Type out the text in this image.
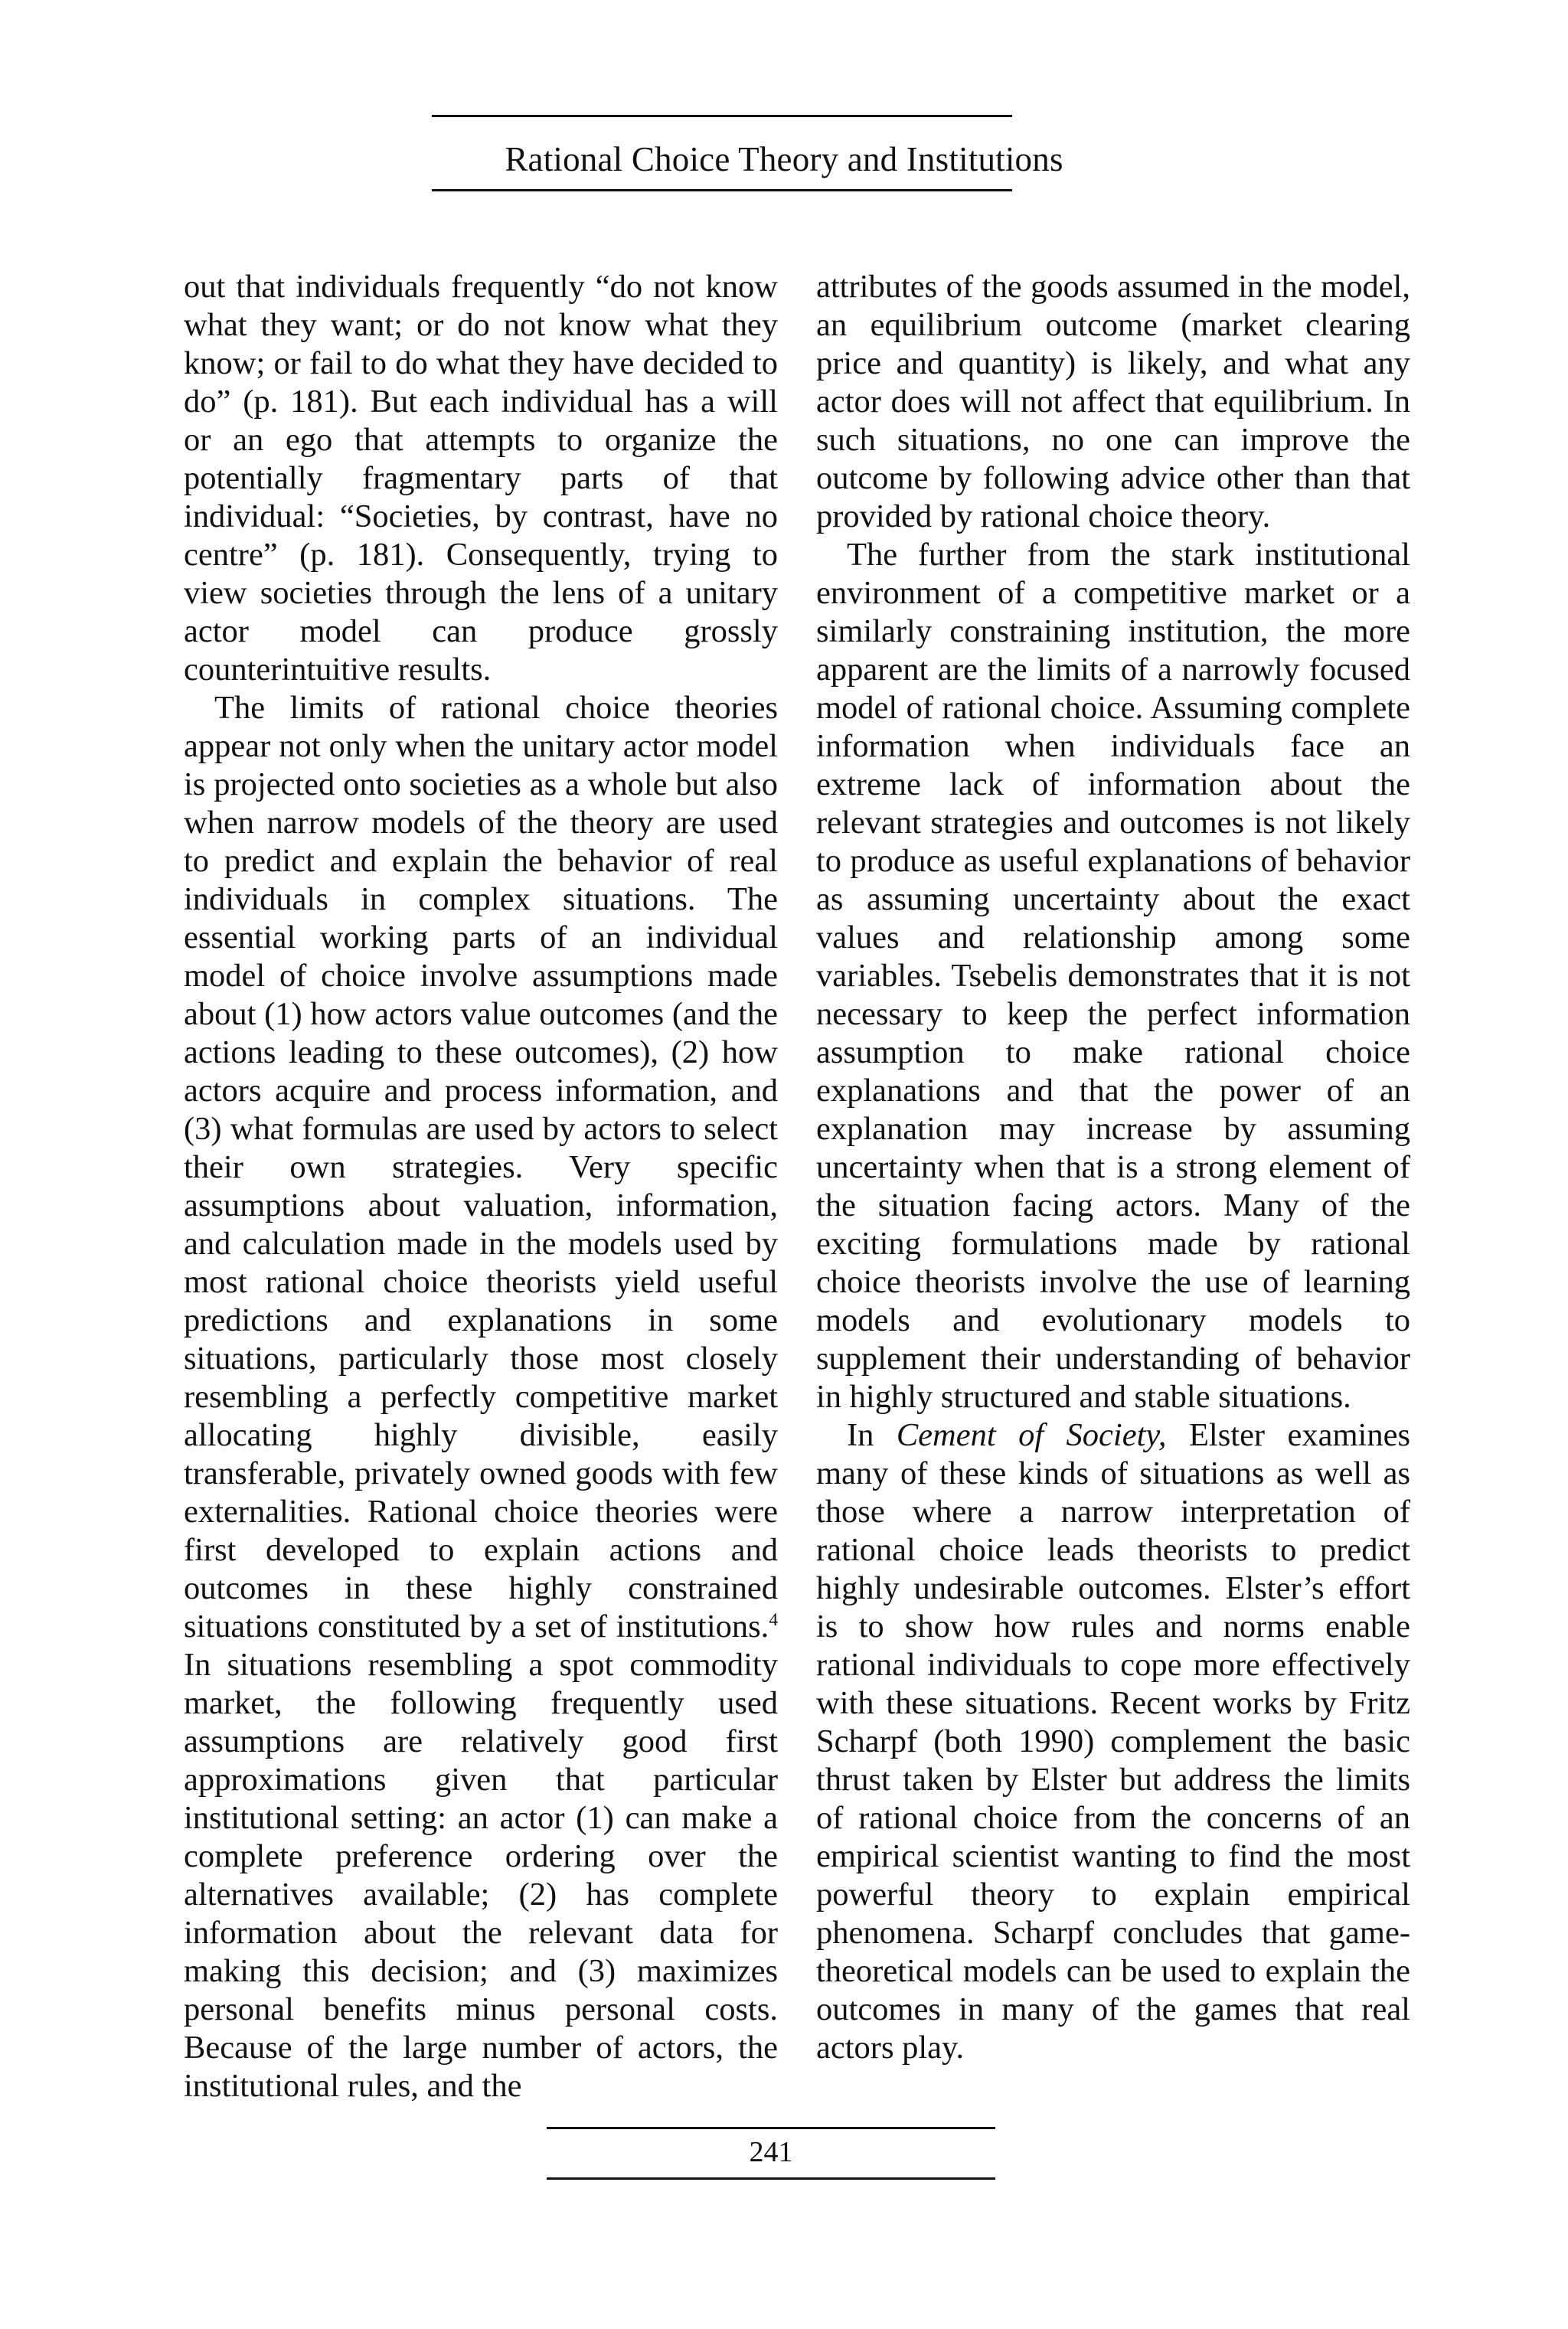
Rational Choice Theory and Institutions

out that individuals frequently “do not know what they want; or do not know what they know; or fail to do what they have decided to do” (p. 181). But each individual has a will or an ego that attempts to organize the potentially fragmentary parts of that individual: “Societies, by contrast, have no centre” (p. 181). Consequently, trying to view societies through the lens of a unitary actor model can produce grossly counterintuitive results.

The limits of rational choice theories appear not only when the unitary actor model is projected onto societies as a whole but also when narrow models of the theory are used to predict and explain the behavior of real individuals in complex situations. The essential working parts of an individual model of choice involve assumptions made about (1) how actors value outcomes (and the actions leading to these outcomes), (2) how actors acquire and process information, and (3) what formulas are used by actors to select their own strategies. Very specific assumptions about valuation, information, and calculation made in the models used by most rational choice theorists yield useful predictions and explanations in some situations, particularly those most closely resembling a perfectly competitive market allocating highly divisible, easily transferable, privately owned goods with few externalities. Rational choice theories were first developed to explain actions and outcomes in these highly constrained situations constituted by a set of institutions.$^4$ In situations resembling a spot commodity market, the following frequently used assumptions are relatively good first approximations given that particular institutional setting: an actor (1) can make a complete preference ordering over the alternatives available; (2) has complete information about the relevant data for making this decision; and (3) maximizes personal benefits minus personal costs. Because of the large number of actors, the institutional rules, and the

attributes of the goods assumed in the model, an equilibrium outcome (market clearing price and quantity) is likely, and what any actor does will not affect that equilibrium. In such situations, no one can improve the outcome by following advice other than that provided by rational choice theory.

The further from the stark institutional environment of a competitive market or a similarly constraining institution, the more apparent are the limits of a narrowly focused model of rational choice. Assuming complete information when individuals face an extreme lack of information about the relevant strategies and outcomes is not likely to produce as useful explanations of behavior as assuming uncertainty about the exact values and relationship among some variables. Tsebelis demonstrates that it is not necessary to keep the perfect information assumption to make rational choice explanations and that the power of an explanation may increase by assuming uncertainty when that is a strong element of the situation facing actors. Many of the exciting formulations made by rational choice theorists involve the use of learning models and evolutionary models to supplement their understanding of behavior in highly structured and stable situations.

In Cement of Society, Elster examines many of these kinds of situations as well as those where a narrow interpretation of rational choice leads theorists to predict highly undesirable outcomes. Elster’s effort is to show how rules and norms enable rational individuals to cope more effectively with these situations. Recent works by Fritz Scharpf (both 1990) complement the basic thrust taken by Elster but address the limits of rational choice from the concerns of an empirical scientist wanting to find the most powerful theory to explain empirical phenomena. Scharpf concludes that game-theoretical models can be used to explain the outcomes in many of the games that real actors play.

241
